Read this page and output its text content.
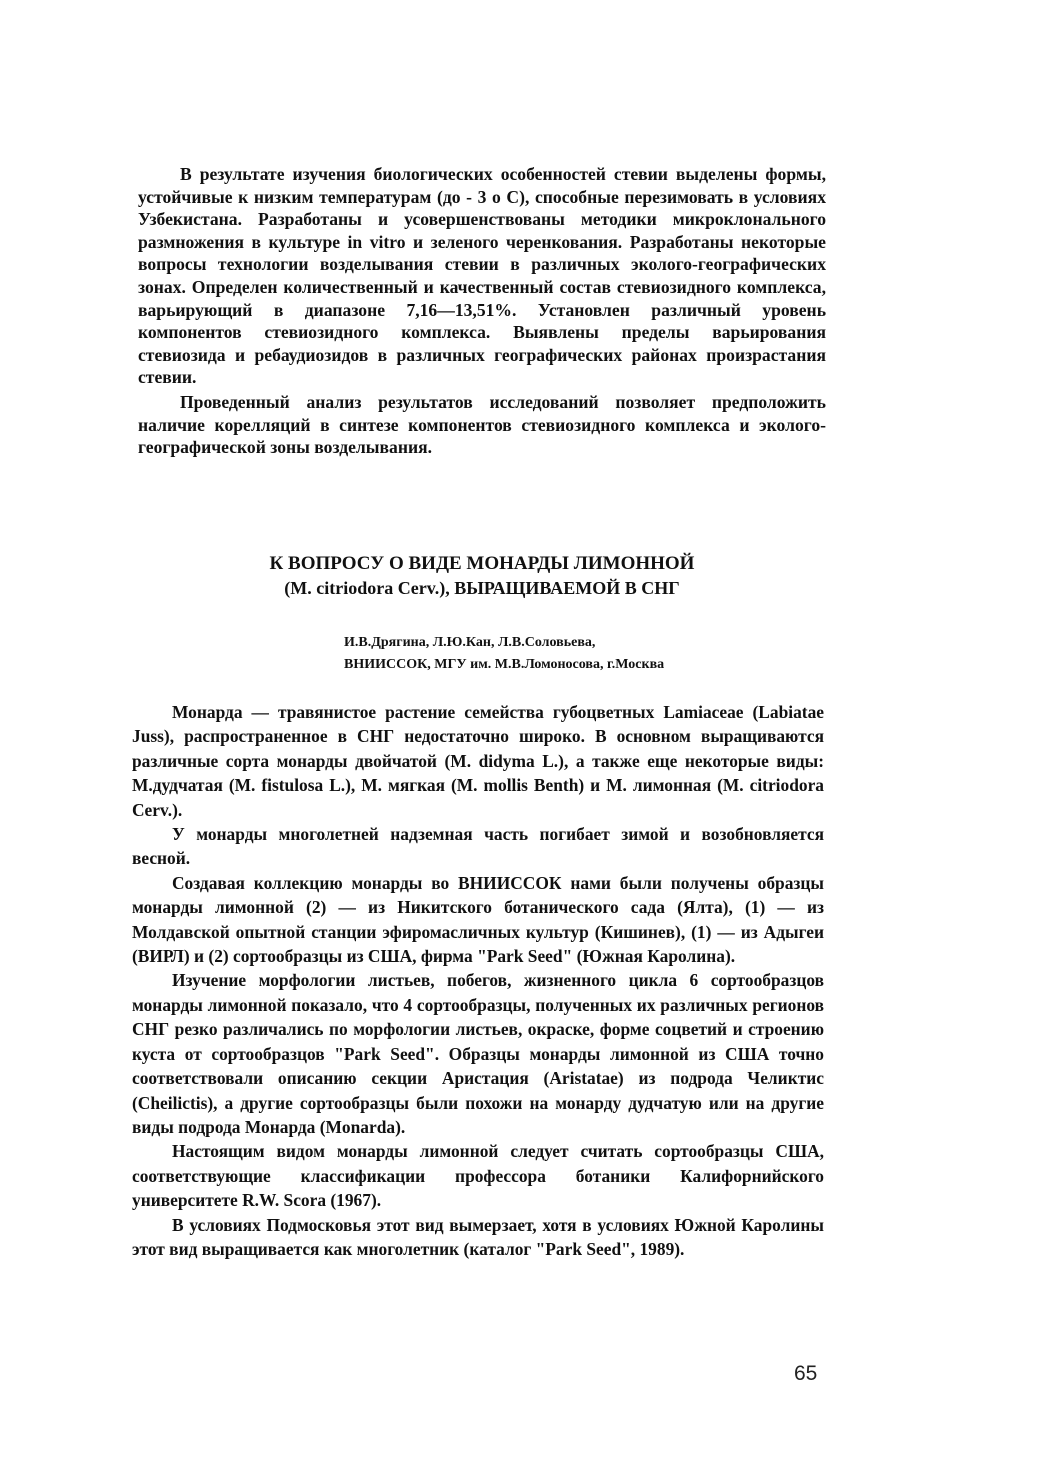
В результате изучения биологических особенностей стевии выделены формы, устойчивые к низким температурам (до - 3 о С), способные перезимовать в условиях Узбекистана. Разработаны и усовершенствованы методики микроклонального размножения в культуре in vitro и зеленого черенкования. Разработаны некоторые вопросы технологии возделывания стевии в различных эколого-географических зонах. Определен количественный и качественный состав стевиозидного комплекса, варьирующий в диапазоне 7,16—13,51%. Установлен различный уровень компонентов стевиозидного комплекса. Выявлены пределы варьирования стевиозида и ребаудиозидов в различных географических районах произрастания стевии.

Проведенный анализ результатов исследований позволяет предположить наличие корелляций в синтезе компонентов стевиозидного комплекса и эколого-географической зоны возделывания.

К ВОПРОСУ О ВИДЕ МОНАРДЫ ЛИМОННОЙ
(M. citriodora Cerv.), ВЫРАЩИВАЕМОЙ В СНГ
И.В.Дрягина, Л.Ю.Кан, Л.В.Соловьева,
ВНИИССОК, МГУ им. М.В.Ломоносова, г.Москва

Монарда — травянистое растение семейства губоцветных Lamiaceae (Labiatae Juss), распространенное в СНГ недостаточно широко. В основном выращиваются различные сорта монарды двойчатой (M. didyma L.), а также еще некоторые виды: М.дудчатая (M. fistulosa L.), M. мягкая (M. mollis Benth) и М. лимонная (M. citriodora Cerv.).

У монарды многолетней надземная часть погибает зимой и возобновляется весной.

Создавая коллекцию монарды во ВНИИССОК нами были получены образцы монарды лимонной (2) — из Никитского ботанического сада (Ялта), (1) — из Молдавской опытной станции эфиромасличных культур (Кишинев), (1) — из Адыгеи (ВИРЛ) и (2) сортообразцы из США, фирма "Park Seed" (Южная Каролина).

Изучение морфологии листьев, побегов, жизненного цикла 6 сортообразцов монарды лимонной показало, что 4 сортообразцы, полученных их различных регионов СНГ резко различались по морфологии листьев, окраске, форме соцветий и строению куста от сортообразцов "Park Seed". Образцы монарды лимонной из США точно соответствовали описанию секции Аристация (Aristatae) из подрода Челиктис (Cheilictis), а другие сортообразцы были похожи на монарду дудчатую или на другие виды подрода Монарда (Monarda).

Настоящим видом монарды лимонной следует считать сортообразцы США, соответствующие классификации профессора ботаники Калифорнийского университете R.W. Scora (1967).

В условиях Подмосковья этот вид вымерзает, хотя в условиях Южной Каролины этот вид выращивается как многолетник (каталог "Park Seed", 1989).

65
